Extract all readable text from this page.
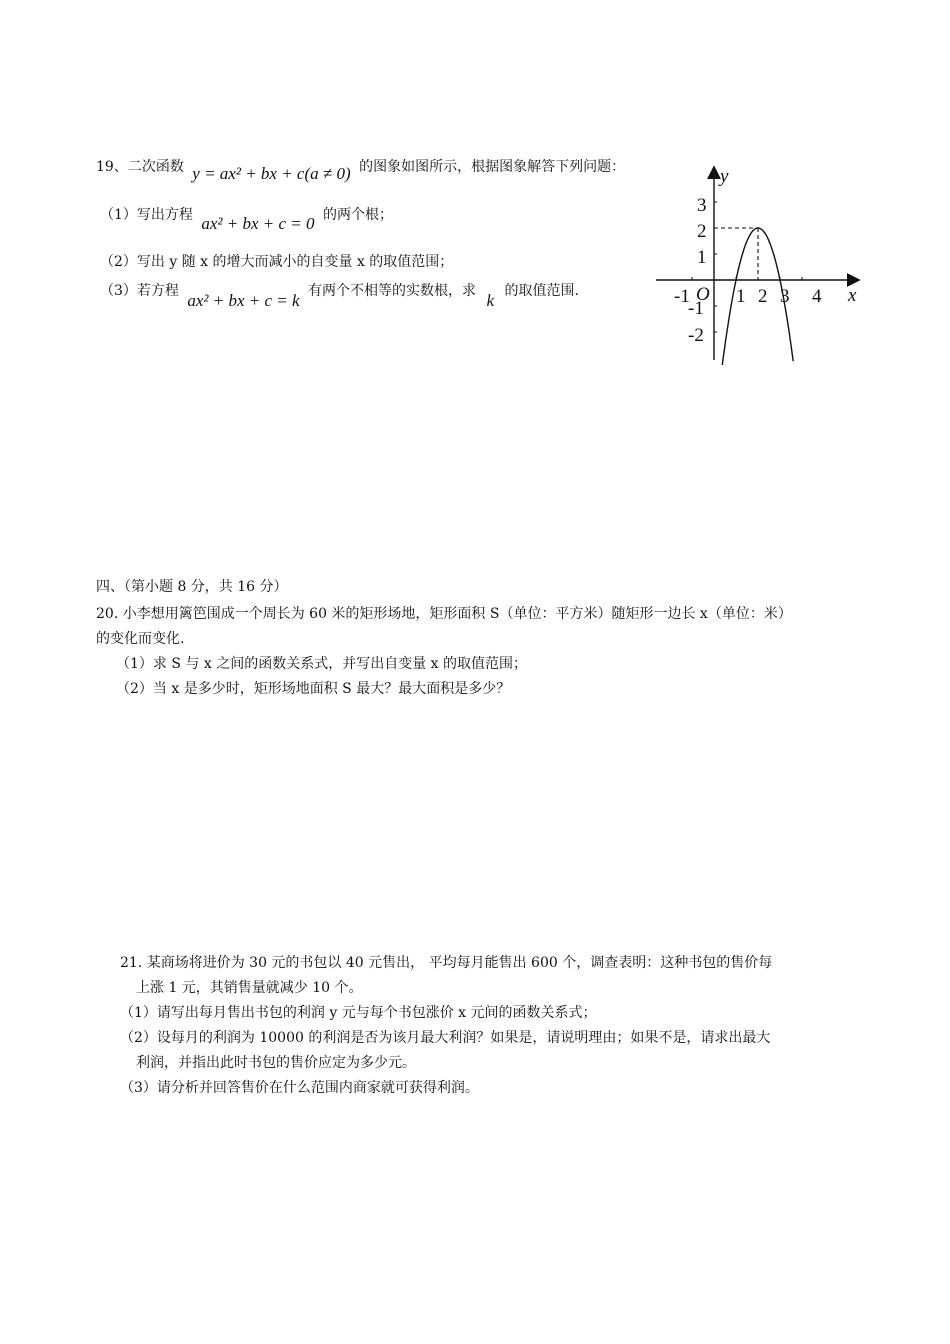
19、二次函数 y = ax² + bx + c(a ≠ 0) 的图象如图所示，根据图象解答下列问题：
（1）写出方程 ax² + bx + c = 0 的两个根；
（2）写出 y 随 x 的增大而减小的自变量 x 的取值范围；
（3）若方程 ax² + bx + c = k 有两个不相等的实数根，求 k 的取值范围.
y
x
O
-1 1 2 3 4
3
2
1
-1
-2
四、（第小题 8 分，共 16 分）
20. 小李想用篱笆围成一个周长为 60 米的矩形场地，矩形面积 S（单位：平方米）随矩形一边长 x（单位：米）
的变化而变化.
（1）求 S 与 x 之间的函数关系式，并写出自变量 x 的取值范围；
（2）当 x 是多少时，矩形场地面积 S 最大？最大面积是多少？
21. 某商场将进价为 30 元的书包以 40 元售出， 平均每月能售出 600 个，调查表明：这种书包的售价每
上涨 1 元，其销售量就减少 10 个。
（1）请写出每月售出书包的利润 y 元与每个书包涨价 x 元间的函数关系式；
（2）设每月的利润为 10000 的利润是否为该月最大利润？如果是，请说明理由；如果不是，请求出最大
利润，并指出此时书包的售价应定为多少元。
（3）请分析并回答售价在什么范围内商家就可获得利润。
